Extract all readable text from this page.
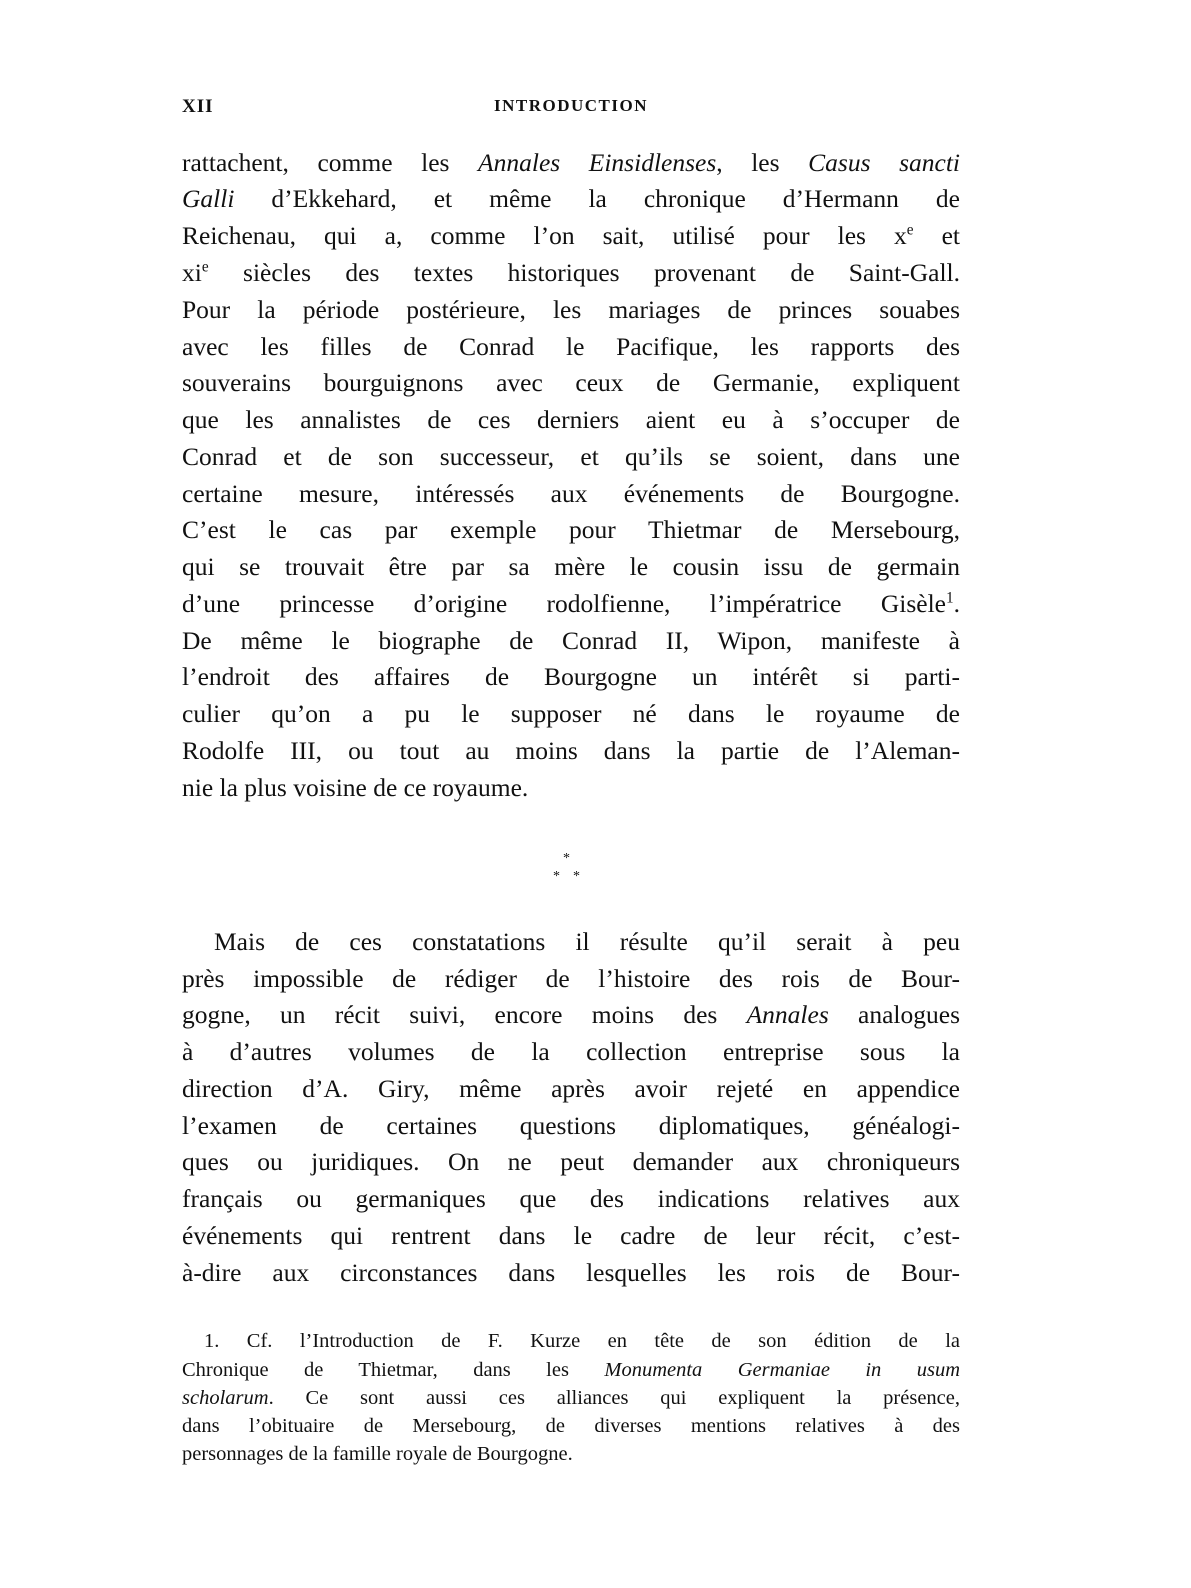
XII	INTRODUCTION
rattachent, comme les Annales Einsidlenses, les Casus sancti
Galli d’Ekkehard, et même la chronique d’Hermann de
Reichenau, qui a, comme l’on sait, utilisé pour les $x^e$ et
$xi^e$ siècles des textes historiques provenant de Saint-Gall.
Pour la période postérieure, les mariages de princes souabes
avec les filles de Conrad le Pacifique, les rapports des
souverains bourguignons avec ceux de Germanie, expliquent
que les annalistes de ces derniers aient eu à s’occuper de
Conrad et de son successeur, et qu’ils se soient, dans une
certaine mesure, intéressés aux événements de Bourgogne.
C’est le cas par exemple pour Thietmar de Mersebourg,
qui se trouvait être par sa mère le cousin issu de germain
d’une princesse d’origine rodolfienne, l’impératrice Gisèle$^1$.
De même le biographe de Conrad II, Wipon, manifeste à
l’endroit des affaires de Bourgogne un intérêt si parti-
culier qu’on a pu le supposer né dans le royaume de
Rodolfe III, ou tout au moins dans la partie de l’Aleman-
nie la plus voisine de ce royaume.
*
* *
Mais de ces constatations il résulte qu’il serait à peu
près impossible de rédiger de l’histoire des rois de Bour-
gogne, un récit suivi, encore moins des Annales analogues
à d’autres volumes de la collection entreprise sous la
direction d’A. Giry, même après avoir rejeté en appendice
l’examen de certaines questions diplomatiques, généalogi-
ques ou juridiques. On ne peut demander aux chroniqueurs
français ou germaniques que des indications relatives aux
événements qui rentrent dans le cadre de leur récit, c’est-
à-dire aux circonstances dans lesquelles les rois de Bour-
1. Cf. l’Introduction de F. Kurze en tête de son édition de la
Chronique de Thietmar, dans les Monumenta Germaniae in usum
scholarum. Ce sont aussi ces alliances qui expliquent la présence,
dans l’obituaire de Mersebourg, de diverses mentions relatives à des
personnages de la famille royale de Bourgogne.
